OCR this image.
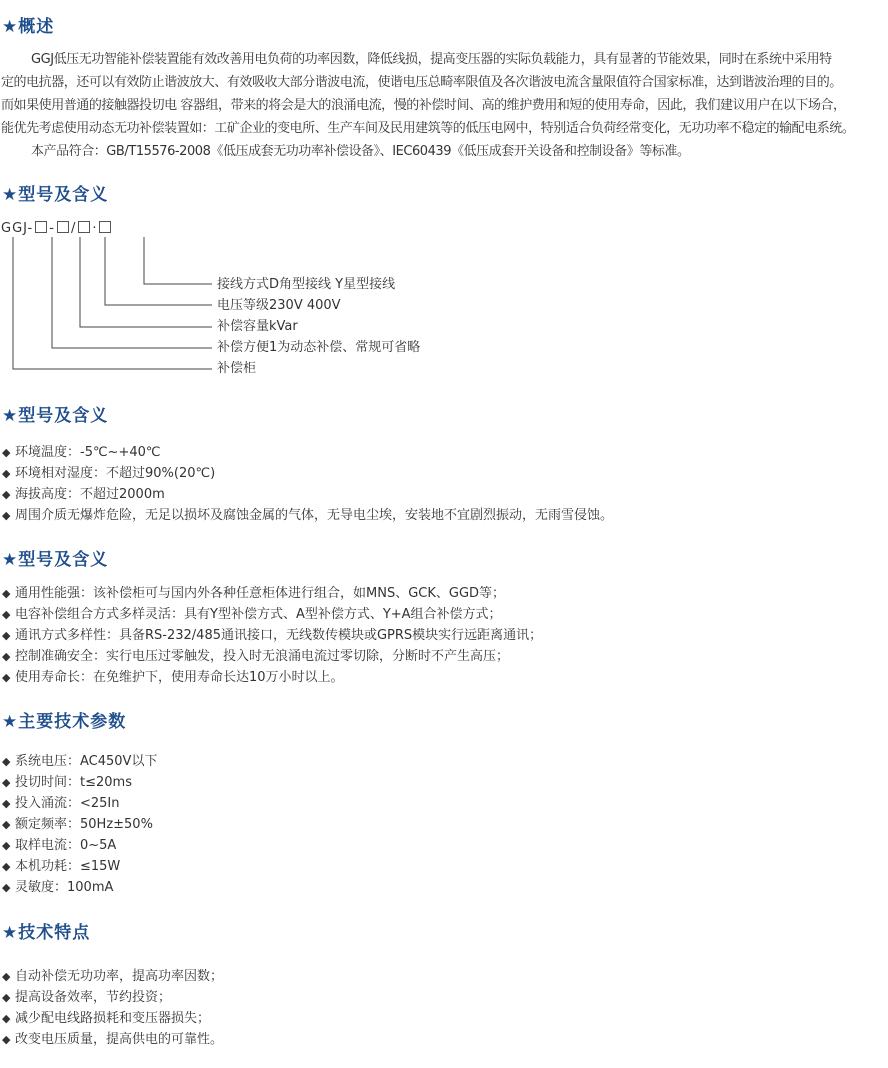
★概述

GGJ低压无功智能补偿装置能有效改善用电负荷的功率因数，降低线损，提高变压器的实际负载能力，具有显著的节能效果，同时在系统中采用特

定的电抗器，还可以有效防止谐波放大、有效吸收大部分谐波电流，使谐电压总畸率限值及各次谐波电流含量限值符合国家标准，达到谐波治理的目的。

而如果使用普通的接触器投切电 容器组，带来的将会是大的浪涌电流，慢的补偿时间、高的维护费用和短的使用寿命，因此，我们建议用户在以下场合，

能优先考虑使用动态无功补偿装置如：工矿企业的变电所、生产车间及民用建筑等的低压电网中，特别适合负荷经常变化，无功功率不稳定的输配电系统。

本产品符合：GB/T15576-2008《低压成套无功功率补偿设备》、IEC60439《低压成套开关设备和控制设备》等标准。

★型号及含义
GGJ- - / ·
接线方式D角型接线 Y星型接线
电压等级230V 400V
补偿容量kVar
补偿方便1为动态补偿、常规可省略
补偿柜
★型号及含义
◆ 环境温度：-5℃~+40℃
◆ 环境相对湿度：不超过90%(20℃)
◆ 海拔高度：不超过2000m
◆ 周围介质无爆炸危险，无足以损坏及腐蚀金属的气体，无导电尘埃，安装地不宜剧烈振动，无雨雪侵蚀。
★型号及含义
◆ 通用性能强：该补偿柜可与国内外各种任意柜体进行组合，如MNS、GCK、GGD等；
◆ 电容补偿组合方式多样灵活：具有Y型补偿方式、A型补偿方式、Y+A组合补偿方式；
◆ 通讯方式多样性：具备RS-232/485通讯接口，无线数传模块或GPRS模块实行远距离通讯；
◆ 控制准确安全：实行电压过零触发，投入时无浪涌电流过零切除，分断时不产生高压；
◆ 使用寿命长：在免维护下，使用寿命长达10万小时以上。
★主要技术参数
◆ 系统电压：AC450V以下
◆ 投切时间：t≤20ms
◆ 投入涌流：<25In
◆ 额定频率：50Hz±50%
◆ 取样电流：0~5A
◆ 本机功耗：≤15W
◆ 灵敏度：100mA
★技术特点
◆ 自动补偿无功功率，提高功率因数；
◆ 提高设备效率，节约投资；
◆ 减少配电线路损耗和变压器损失；
◆ 改变电压质量，提高供电的可靠性。
